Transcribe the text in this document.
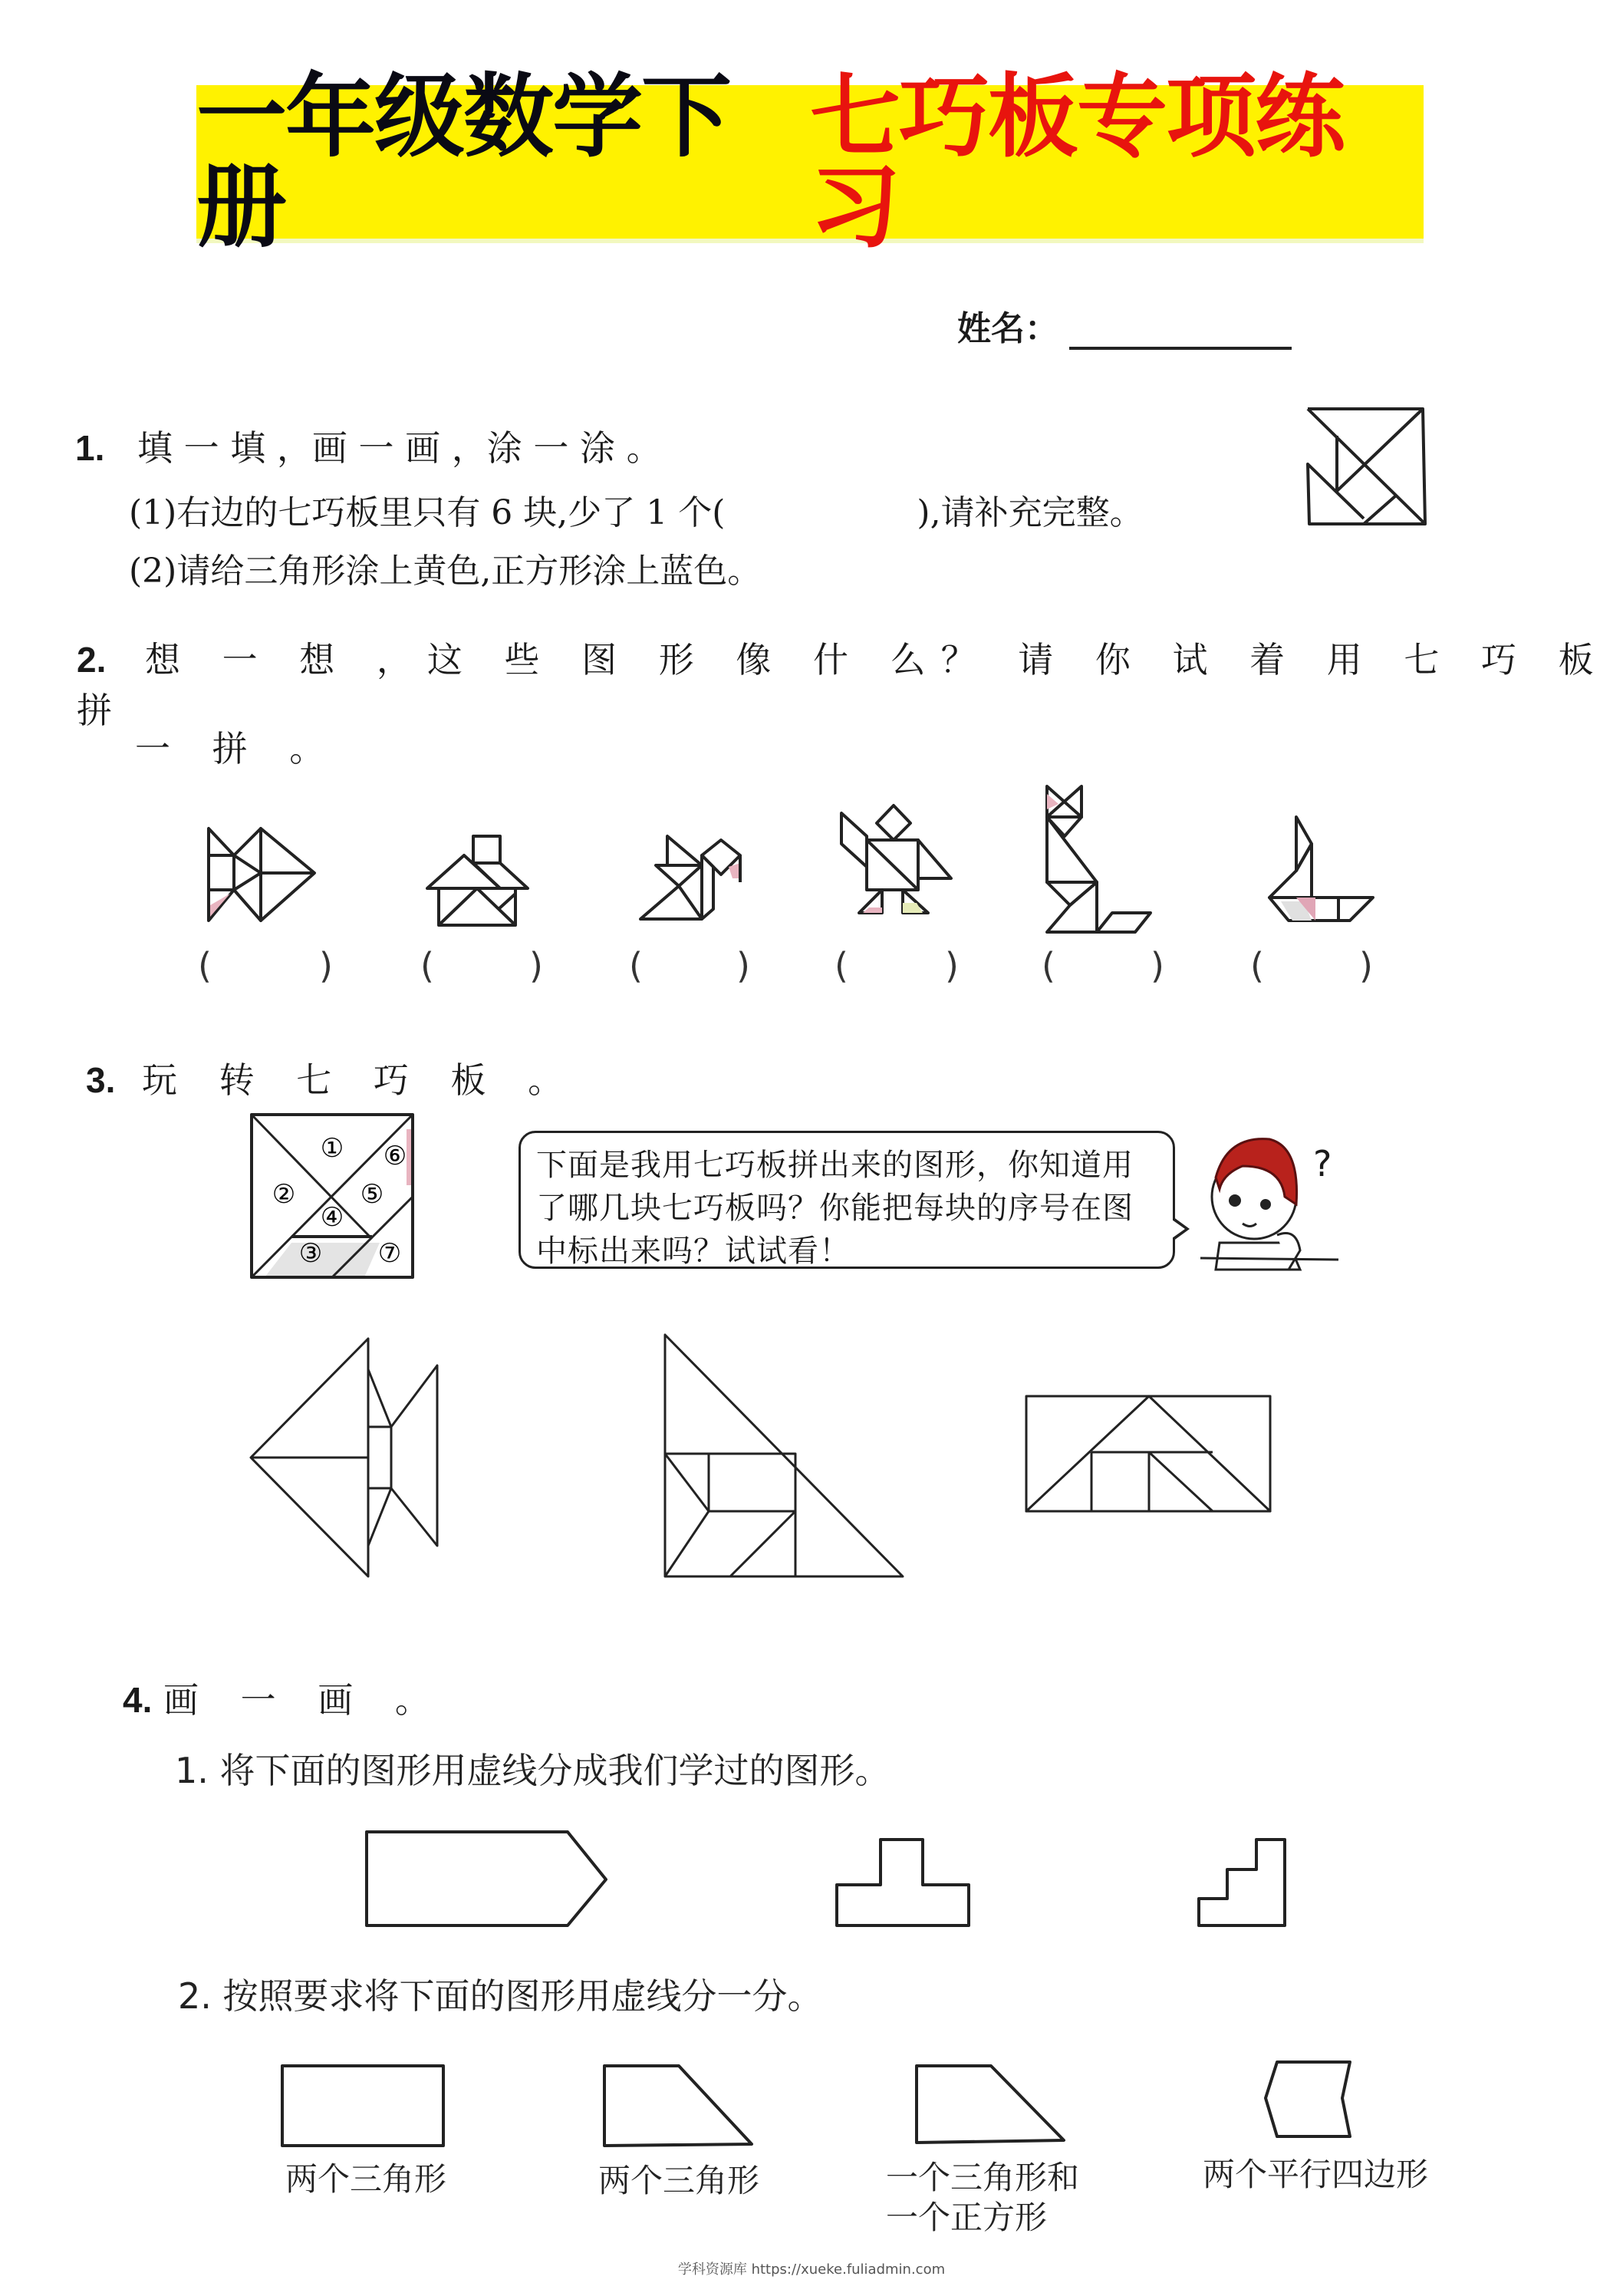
一年级数学下册
七巧板专项练习
姓名：
1. 填 一 填 ，画 一 画 ，涂 一 涂 。
(1)右边的七巧板里只有 6 块,少了 1 个(	),请补充完整。
(2)请给三角形涂上黄色,正方形涂上蓝色。
2. 想 一 想 ，这 些 图 形 像 什 么？ 请 你 试 着 用 七 巧 板 拼
一 拼 。
(	) (	) (	) (	) (	) (	)
3. 玩 转 七 巧 板 。
①
②
③
④
⑤
⑥
⑦

下面是我用七巧板拼出来的图形，你知道用

了哪几块七巧板吗？你能把每块的序号在图

中标出来吗？试试看！

?
4. 画 一 画 。
1. 将下面的图形用虚线分成我们学过的图形。
2. 按照要求将下面的图形用虚线分一分。
两个三角形	两个三角形	一个三角形和
一个正方形
两个平行四边形
学科资源库 https://xueke.fuliadmin.com
